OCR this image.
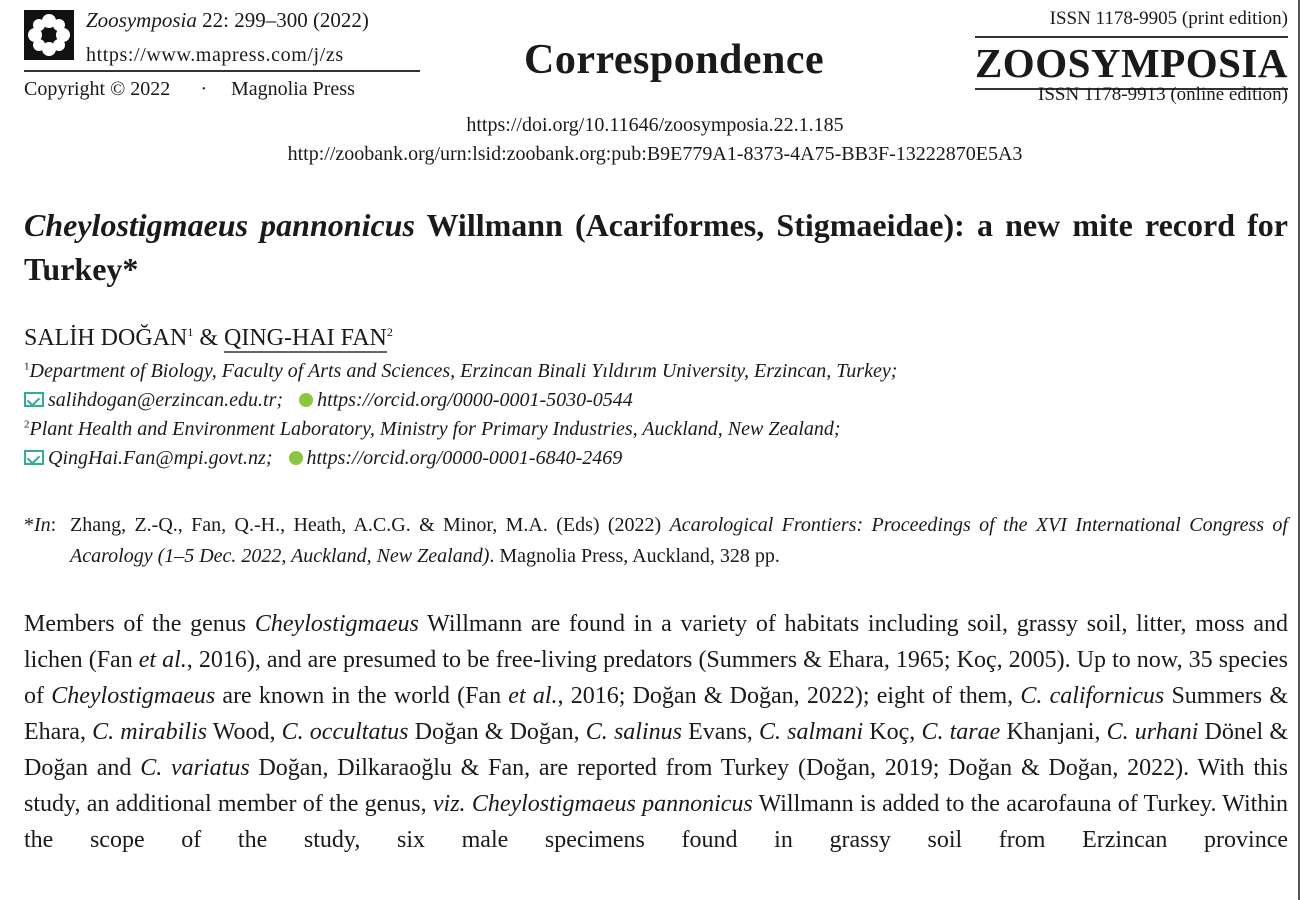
Zoosymposia 22: 299–300 (2022)
https://www.mapress.com/j/zs
Copyright © 2022 · Magnolia Press
Correspondence
ISSN 1178-9905 (print edition)
ZOOSYMPOSIA
ISSN 1178-9913 (online edition)
https://doi.org/10.11646/zoosymposia.22.1.185
http://zoobank.org/urn:lsid:zoobank.org:pub:B9E779A1-8373-4A75-BB3F-13222870E5A3
Cheylostigmaeus pannonicus Willmann (Acariformes, Stigmaeidae): a new mite record for Turkey*
SALİH DOĞAN$^1$ & QING-HAI FAN$^2$
$^1$Department of Biology, Faculty of Arts and Sciences, Erzincan Binali Yıldırım University, Erzincan, Turkey;
salihdogan@erzincan.edu.tr; https://orcid.org/0000-0001-5030-0544
$^2$Plant Health and Environment Laboratory, Ministry for Primary Industries, Auckland, New Zealand;
QingHai.Fan@mpi.govt.nz; https://orcid.org/0000-0001-6840-2469
*In: Zhang, Z.-Q., Fan, Q.-H., Heath, A.C.G. & Minor, M.A. (Eds) (2022) Acarological Frontiers: Proceedings of the XVI International Congress of Acarology (1–5 Dec. 2022, Auckland, New Zealand). Magnolia Press, Auckland, 328 pp.
Members of the genus Cheylostigmaeus Willmann are found in a variety of habitats including soil, grassy soil, litter, moss and lichen (Fan et al., 2016), and are presumed to be free-living predators (Summers & Ehara, 1965; Koç, 2005). Up to now, 35 species of Cheylostigmaeus are known in the world (Fan et al., 2016; Doğan & Doğan, 2022); eight of them, C. californicus Summers & Ehara, C. mirabilis Wood, C. occultatus Doğan & Doğan, C. salinus Evans, C. salmani Koç, C. tarae Khanjani, C. urhani Dönel & Doğan and C. variatus Doğan, Dilkaraoğlu & Fan, are reported from Turkey (Doğan, 2019; Doğan & Doğan, 2022). With this study, an additional member of the genus, viz. Cheylostigmaeus pannonicus Willmann is added to the acarofauna of Turkey. Within the scope of the study, six male specimens found in grassy soil from Erzincan province
